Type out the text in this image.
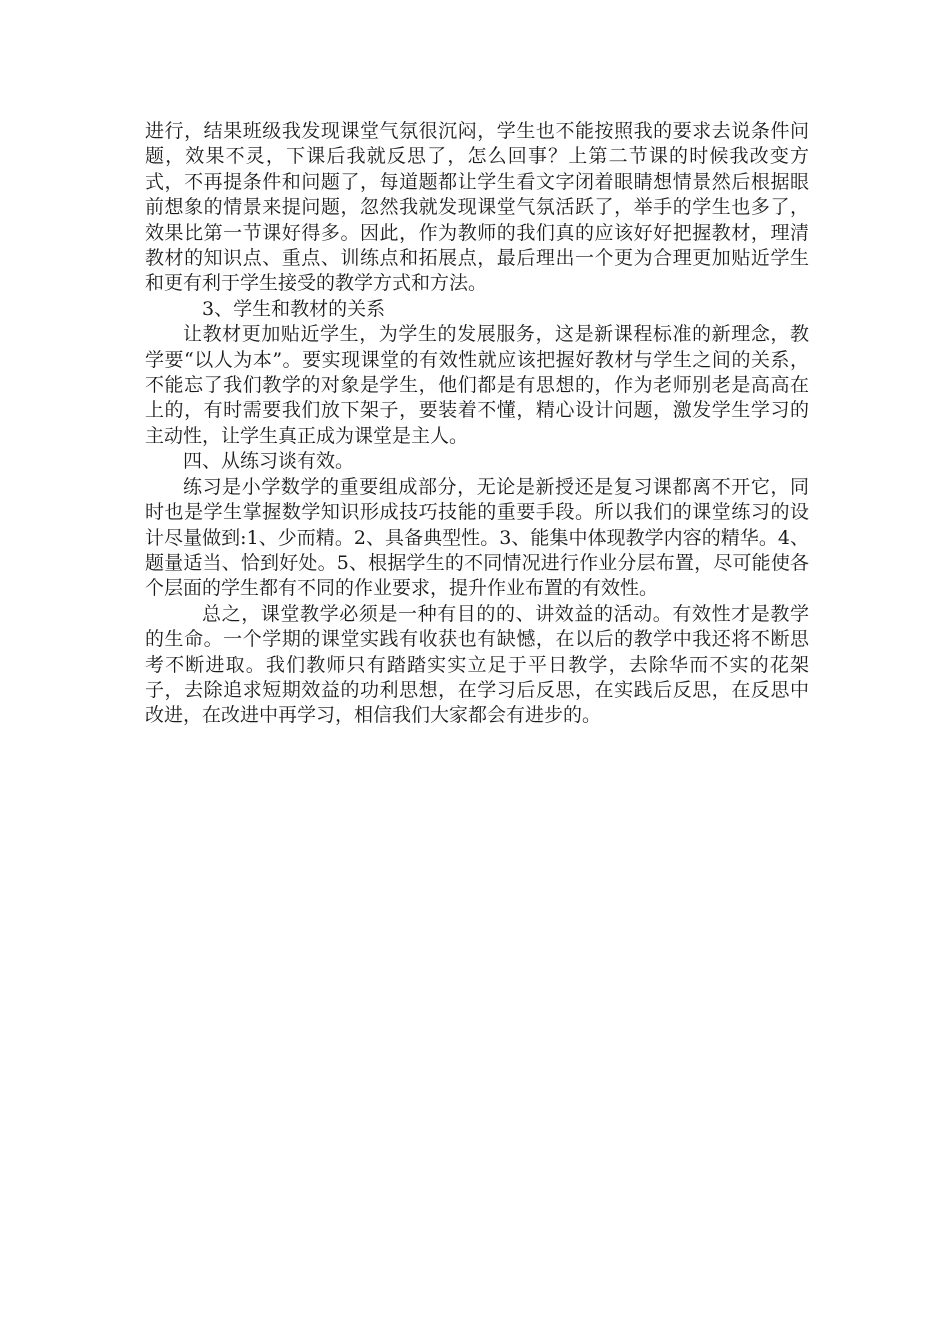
进行，结果班级我发现课堂气氛很沉闷，学生也不能按照我的要求去说条件问题，效果不灵，下课后我就反思了，怎么回事？上第二节课的时候我改变方式，不再提条件和问题了，每道题都让学生看文字闭着眼睛想情景然后根据眼前想象的情景来提问题，忽然我就发现课堂气氛活跃了，举手的学生也多了，效果比第一节课好得多。因此，作为教师的我们真的应该好好把握教材，理清教材的知识点、重点、训练点和拓展点，最后理出一个更为合理更加贴近学生和更有利于学生接受的教学方式和方法。

3、学生和教材的关系

让教材更加贴近学生，为学生的发展服务，这是新课程标准的新理念，教学要“以人为本”。要实现课堂的有效性就应该把握好教材与学生之间的关系，不能忘了我们教学的对象是学生，他们都是有思想的，作为老师别老是高高在上的，有时需要我们放下架子，要装着不懂，精心设计问题，激发学生学习的主动性，让学生真正成为课堂是主人。

四、从练习谈有效。

练习是小学数学的重要组成部分，无论是新授还是复习课都离不开它，同时也是学生掌握数学知识形成技巧技能的重要手段。所以我们的课堂练习的设计尽量做到:1、少而精。2、具备典型性。3、能集中体现教学内容的精华。4、题量适当、恰到好处。5、根据学生的不同情况进行作业分层布置，尽可能使各个层面的学生都有不同的作业要求，提升作业布置的有效性。

总之，课堂教学必须是一种有目的的、讲效益的活动。有效性才是教学的生命。一个学期的课堂实践有收获也有缺憾，在以后的教学中我还将不断思考不断进取。我们教师只有踏踏实实立足于平日教学，去除华而不实的花架子，去除追求短期效益的功利思想，在学习后反思，在实践后反思，在反思中改进，在改进中再学习，相信我们大家都会有进步的。
